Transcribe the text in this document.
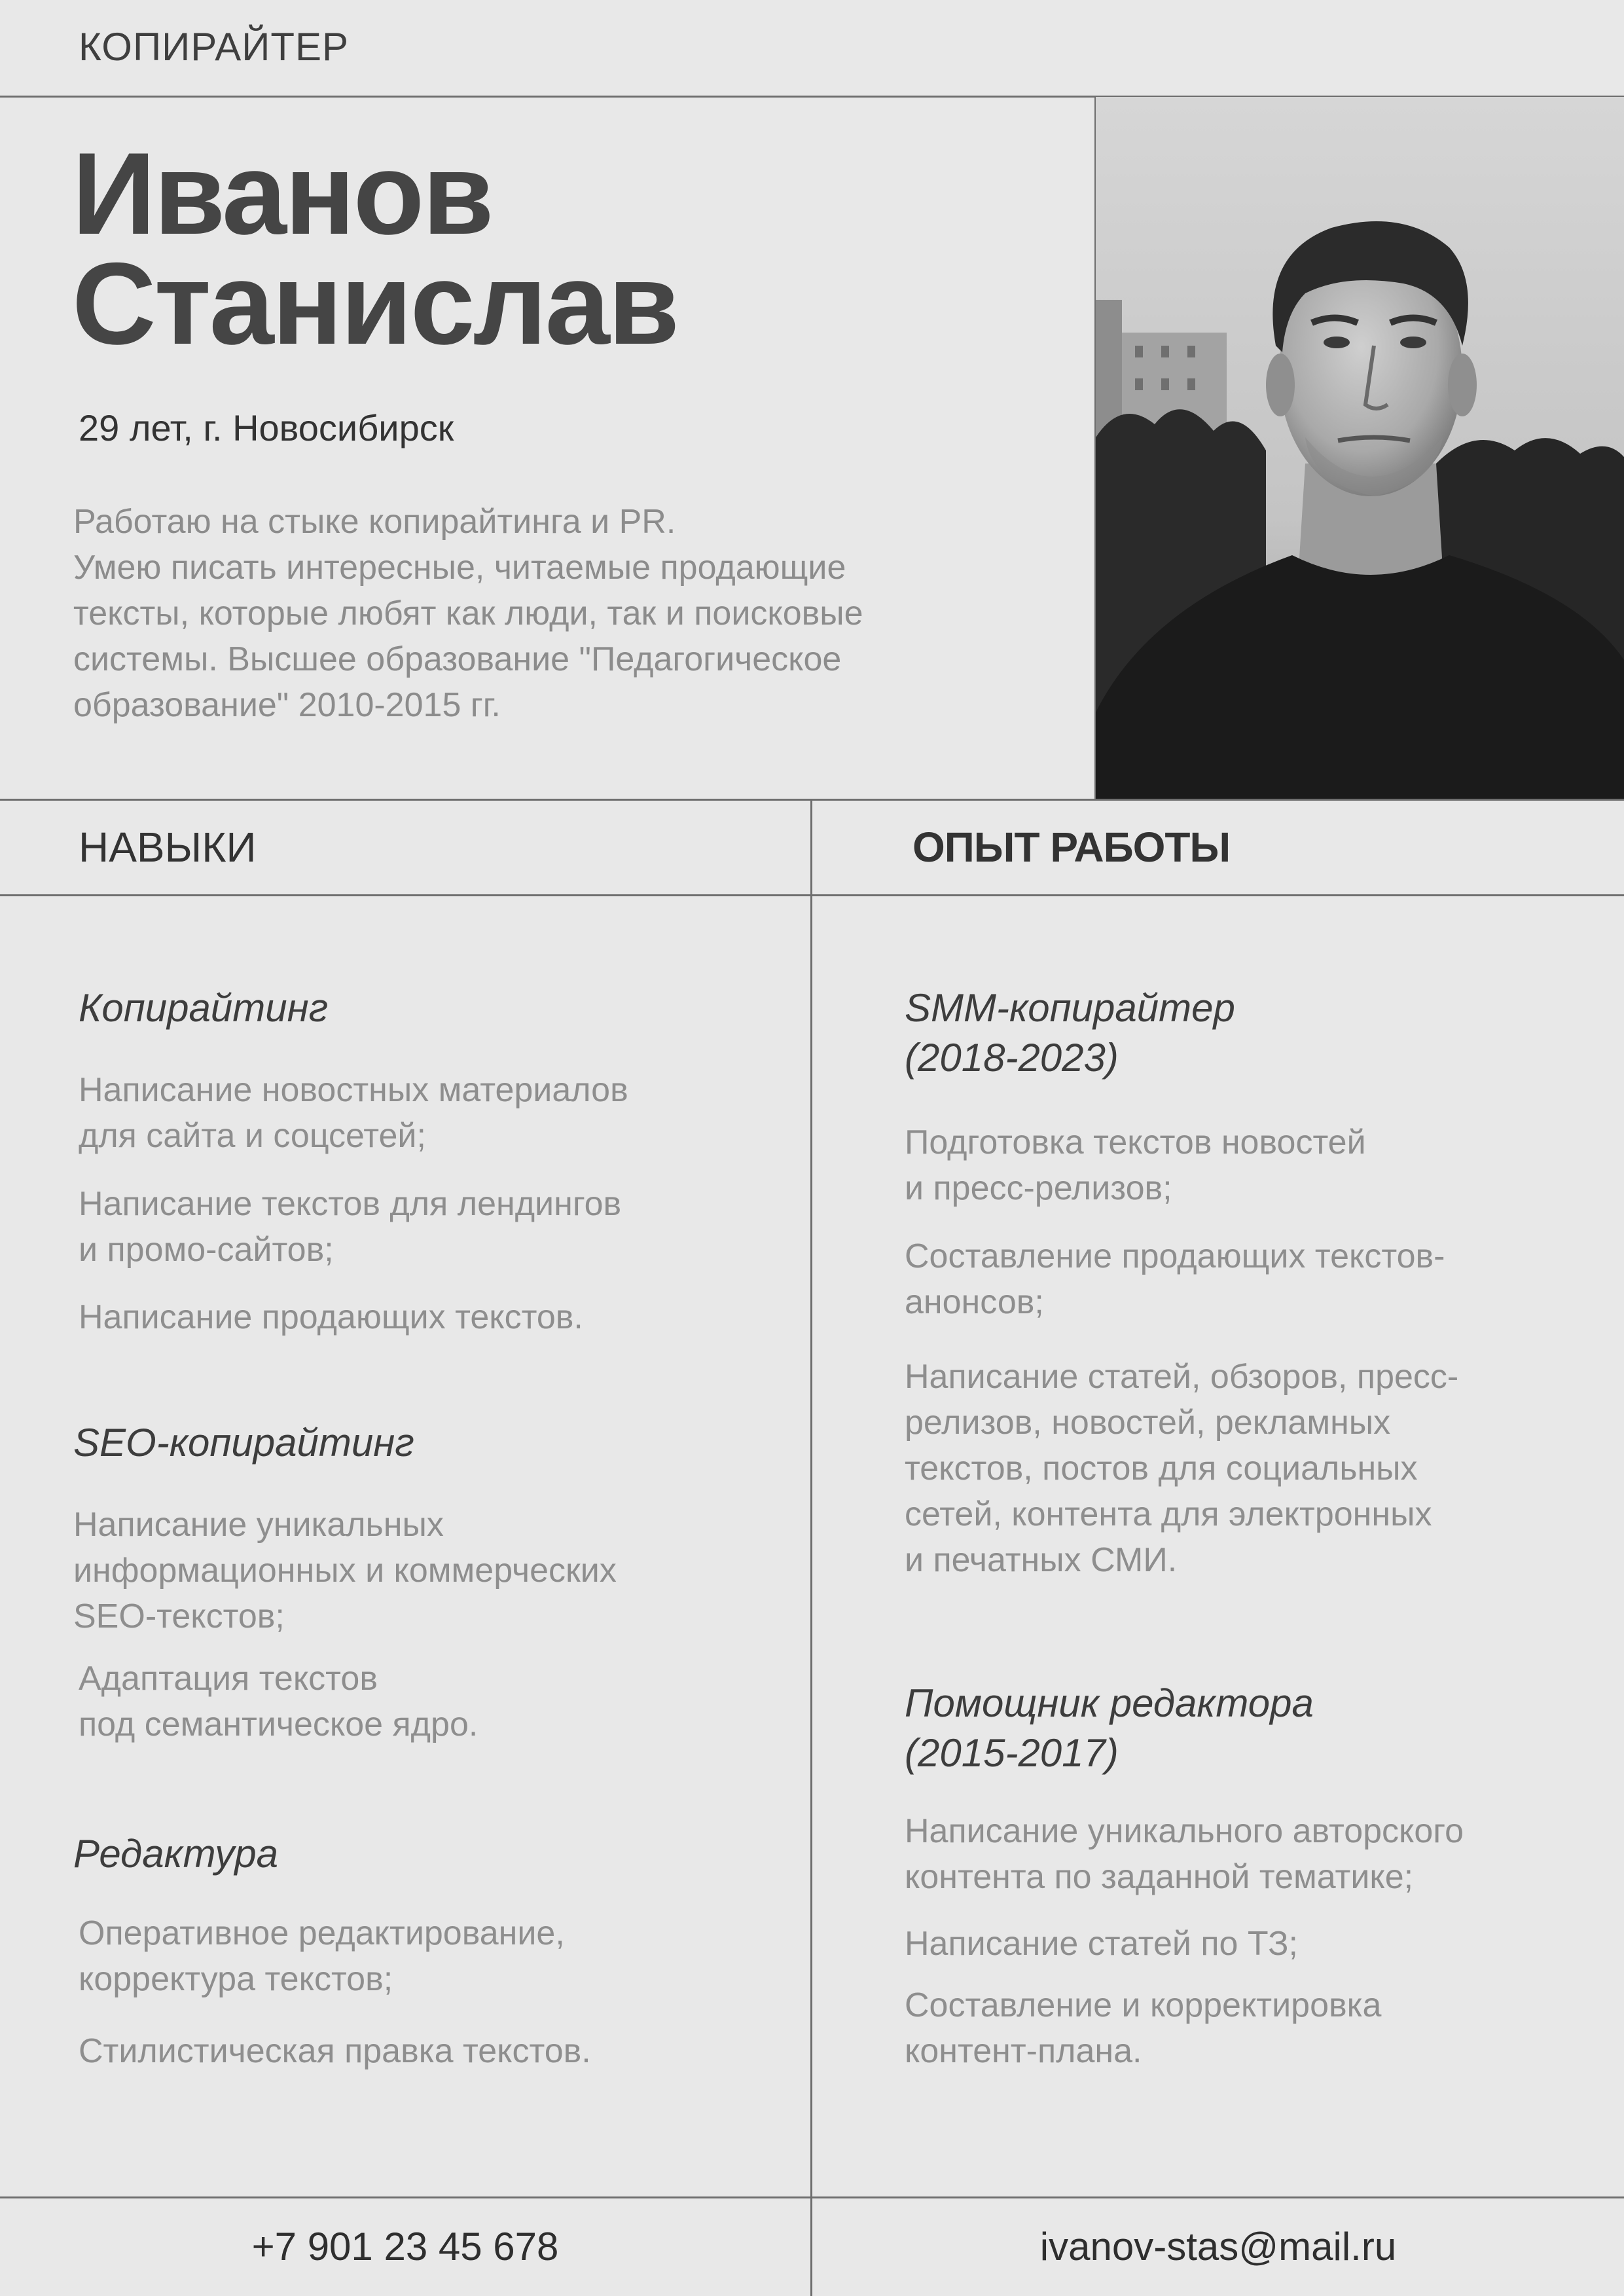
КОПИРАЙТЕР
Иванов
Станислав
29 лет, г. Новосибирск
Работаю на стыке копирайтинга и PR.
Умею писать интересные, читаемые продающие
тексты, которые любят как люди, так и поисковые
системы. Высшее образование "Педагогическое
образование" 2010-2015 гг.
НАВЫКИ	ОПЫТ РАБОТЫ
Копирайтинг
Написание новостных материалов
для сайта и соцсетей;
Написание текстов для лендингов
и промо-сайтов;
Написание продающих текстов.
SEO-копирайтинг
Написание уникальных
информационных и коммерческих
SEO-текстов;
Адаптация текстов
под семантическое ядро.
Редактура
Оперативное редактирование,
корректура текстов;
Стилистическая правка текстов.
SMM-копирайтер
(2018-2023)
Подготовка текстов новостей
и пресс-релизов;
Составление продающих текстов-
анонсов;
Написание статей, обзоров, пресс-
релизов, новостей, рекламных
текстов, постов для социальных
сетей, контента для электронных
и печатных СМИ.
Помощник редактора
(2015-2017)
Написание уникального авторского
контента по заданной тематике;
Написание статей по ТЗ;
Составление и корректировка
контент-плана.
+7 901 23 45 678	ivanov-stas@mail.ru
